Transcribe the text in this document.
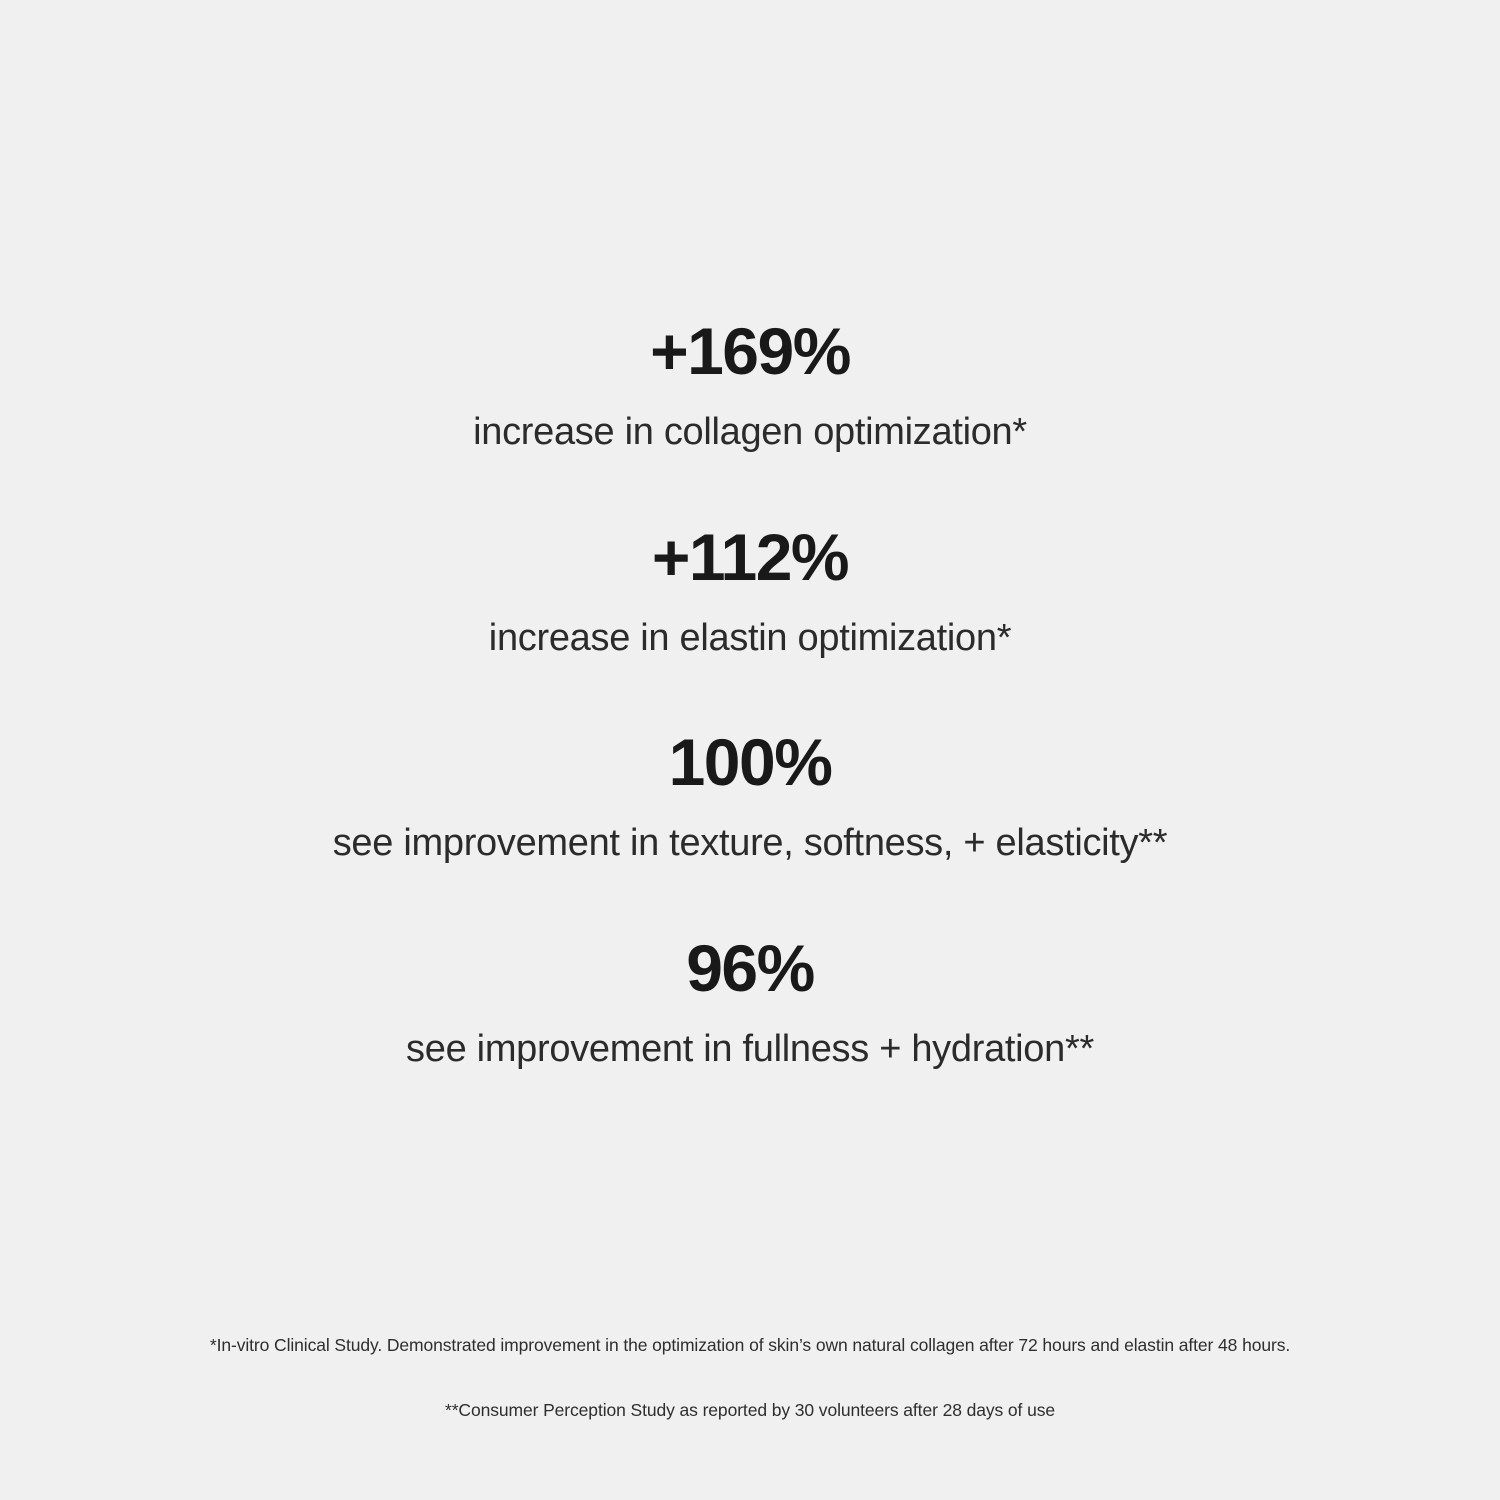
+169%
increase in collagen optimization*
+112%
increase in elastin optimization*
100%
see improvement in texture, softness, + elasticity**
96%
see improvement in fullness + hydration**
*In-vitro Clinical Study. Demonstrated improvement in the optimization of skin’s own natural collagen after 72 hours and elastin after 48 hours.
**Consumer Perception Study as reported by 30 volunteers after 28 days of use
